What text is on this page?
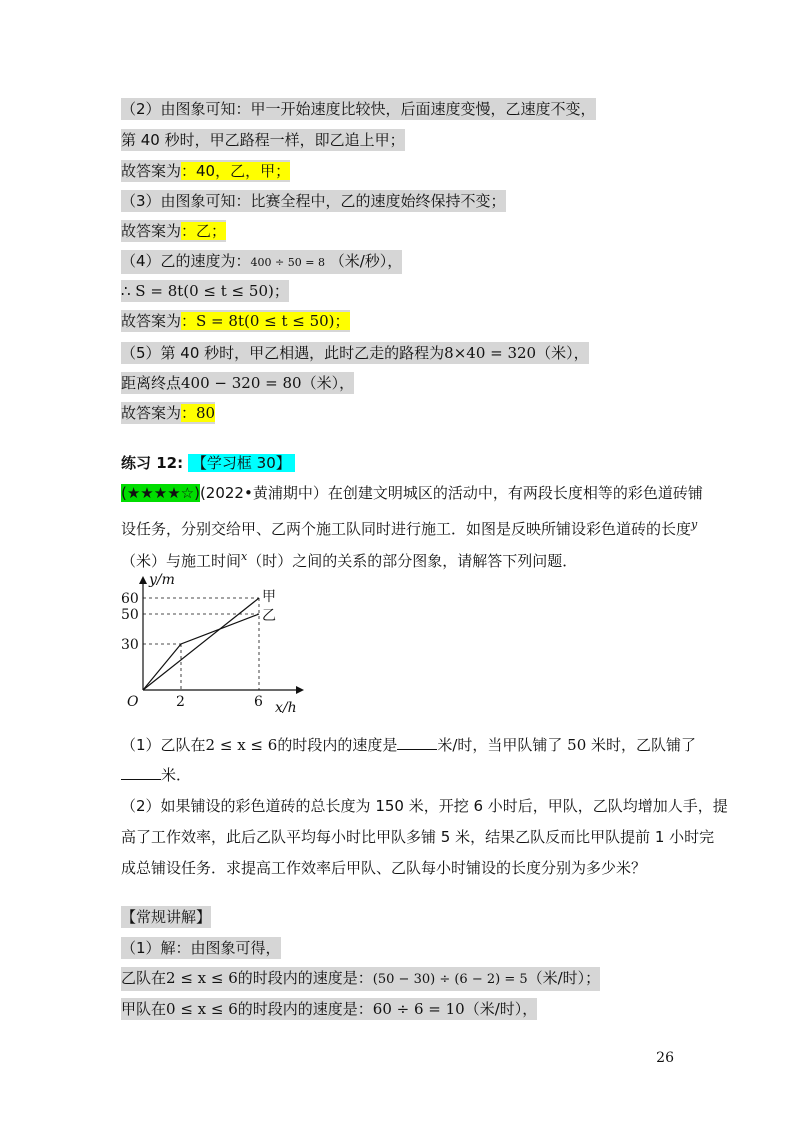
（2）由图象可知：甲一开始速度比较快，后面速度变慢，乙速度不变，
第 40 秒时，甲乙路程一样，即乙追上甲；
故答案为：40，乙，甲；
（3）由图象可知：比赛全程中，乙的速度始终保持不变；
故答案为：乙；
（4）乙的速度为：400 ÷ 50 = 8 （米/秒），
∴ S = 8t(0 ≤ t ≤ 50)；
故答案为：S = 8t(0 ≤ t ≤ 50)；
（5）第 40 秒时，甲乙相遇，此时乙走的路程为8×40 = 320（米），
距离终点400 − 320 = 80（米），
故答案为：80
练习 12: 【学习框 30】
(★★★★☆)(2022•黄浦期中）在创建文明城区的活动中，有两段长度相等的彩色道砖铺
设任务，分别交给甲、乙两个施工队同时进行施工．如图是反映所铺设彩色道砖的长度$^y$
（米）与施工时间$^x$（时）之间的关系的部分图象，请解答下列问题．
y/m
x/h
O
60
50
30
2	6
甲
乙
（1）乙队在2 ≤ x ≤ 6的时段内的速度是	米/时，当甲队铺了 50 米时，乙队铺了
米．
（2）如果铺设的彩色道砖的总长度为 150 米，开挖 6 小时后，甲队，乙队均增加人手，提
高了工作效率，此后乙队平均每小时比甲队多铺 5 米，结果乙队反而比甲队提前 1 小时完
成总铺设任务．求提高工作效率后甲队、乙队每小时铺设的长度分别为多少米？
【常规讲解】
（1）解：由图象可得，
乙队在2 ≤ x ≤ 6的时段内的速度是：(50 − 30) ÷ (6 − 2) = 5（米/时）；
甲队在0 ≤ x ≤ 6的时段内的速度是：60 ÷ 6 = 10（米/时），
26
